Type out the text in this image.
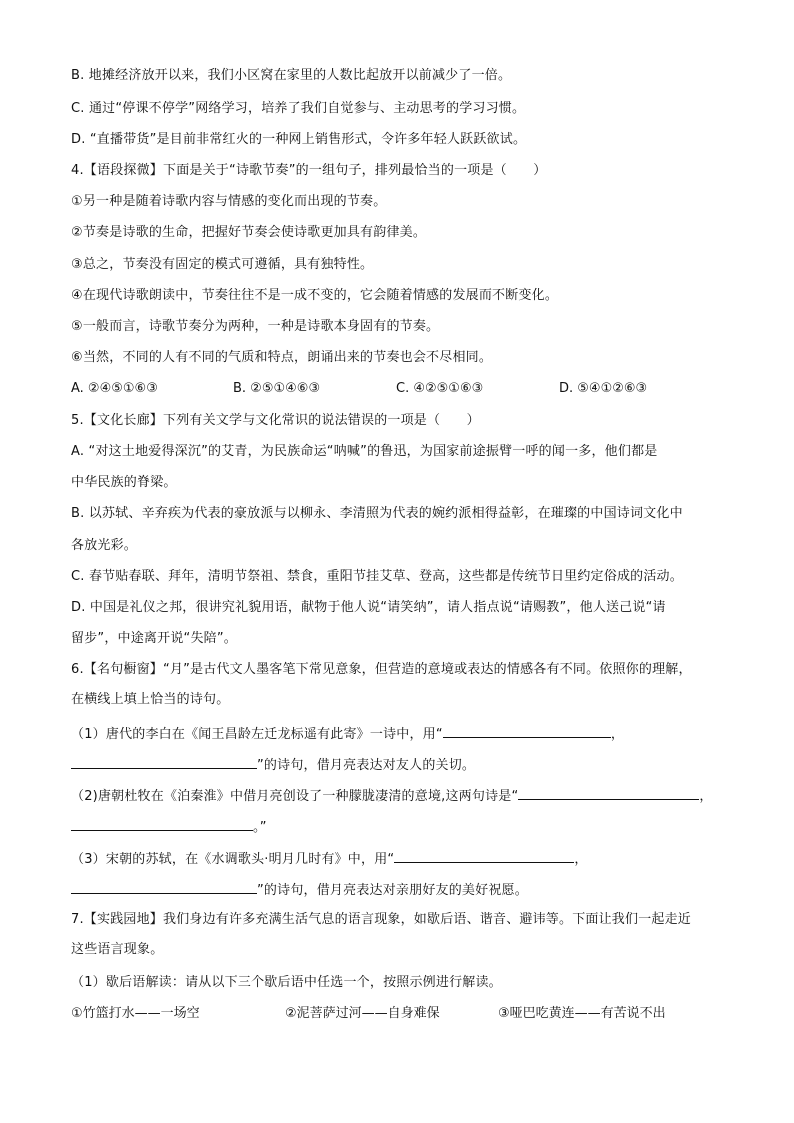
B. 地摊经济放开以来，我们小区窝在家里的人数比起放开以前减少了一倍。
C. 通过“停课不停学”网络学习，培养了我们自觉参与、主动思考的学习习惯。
D. “直播带货”是目前非常红火的一种网上销售形式，令许多年轻人跃跃欲试。
4.【语段探微】下面是关于“诗歌节奏”的一组句子，排列最恰当的一项是（　　）
①另一种是随着诗歌内容与情感的变化而出现的节奏。
②节奏是诗歌的生命，把握好节奏会使诗歌更加具有韵律美。
③总之，节奏没有固定的模式可遵循，具有独特性。
④在现代诗歌朗读中，节奏往往不是一成不变的，它会随着情感的发展而不断变化。
⑤一般而言，诗歌节奏分为两种，一种是诗歌本身固有的节奏。
⑥当然，不同的人有不同的气质和特点，朗诵出来的节奏也会不尽相同。
A. ②④⑤①⑥③	B. ②⑤①④⑥③	C. ④②⑤①⑥③	D. ⑤④①②⑥③
5.【文化长廊】下列有关文学与文化常识的说法错误的一项是（　　）
A. “对这土地爱得深沉”的艾青，为民族命运“呐喊”的鲁迅，为国家前途振臂一呼的闻一多，他们都是
中华民族的脊梁。
B. 以苏轼、辛弃疾为代表的豪放派与以柳永、李清照为代表的婉约派相得益彰，在璀璨的中国诗词文化中
各放光彩。
C. 春节贴春联、拜年，清明节祭祖、禁食，重阳节挂艾草、登高，这些都是传统节日里约定俗成的活动。
D. 中国是礼仪之邦，很讲究礼貌用语，献物于他人说“请笑纳”，请人指点说“请赐教”，他人送己说“请
留步”，中途离开说“失陪”。
6.【名句橱窗】“月”是古代文人墨客笔下常见意象，但营造的意境或表达的情感各有不同。依照你的理解，
在横线上填上恰当的诗句。
（1）唐代的李白在《闻王昌龄左迁龙标遥有此寄》一诗中，用“	，
”的诗句，借月亮表达对友人的关切。
（2)唐朝杜牧在《泊秦淮》中借月亮创设了一种朦胧凄清的意境,这两句诗是“	，
。”
（3）宋朝的苏轼，在《水调歌头·明月几时有》中，用“	，
”的诗句，借月亮表达对亲朋好友的美好祝愿。
7.【实践园地】我们身边有许多充满生活气息的语言现象，如歇后语、谐音、避讳等。下面让我们一起走近
这些语言现象。
（1）歇后语解读：请从以下三个歇后语中任选一个，按照示例进行解读。
①竹篮打水——一场空	②泥菩萨过河——自身难保	③哑巴吃黄连——有苦说不出
